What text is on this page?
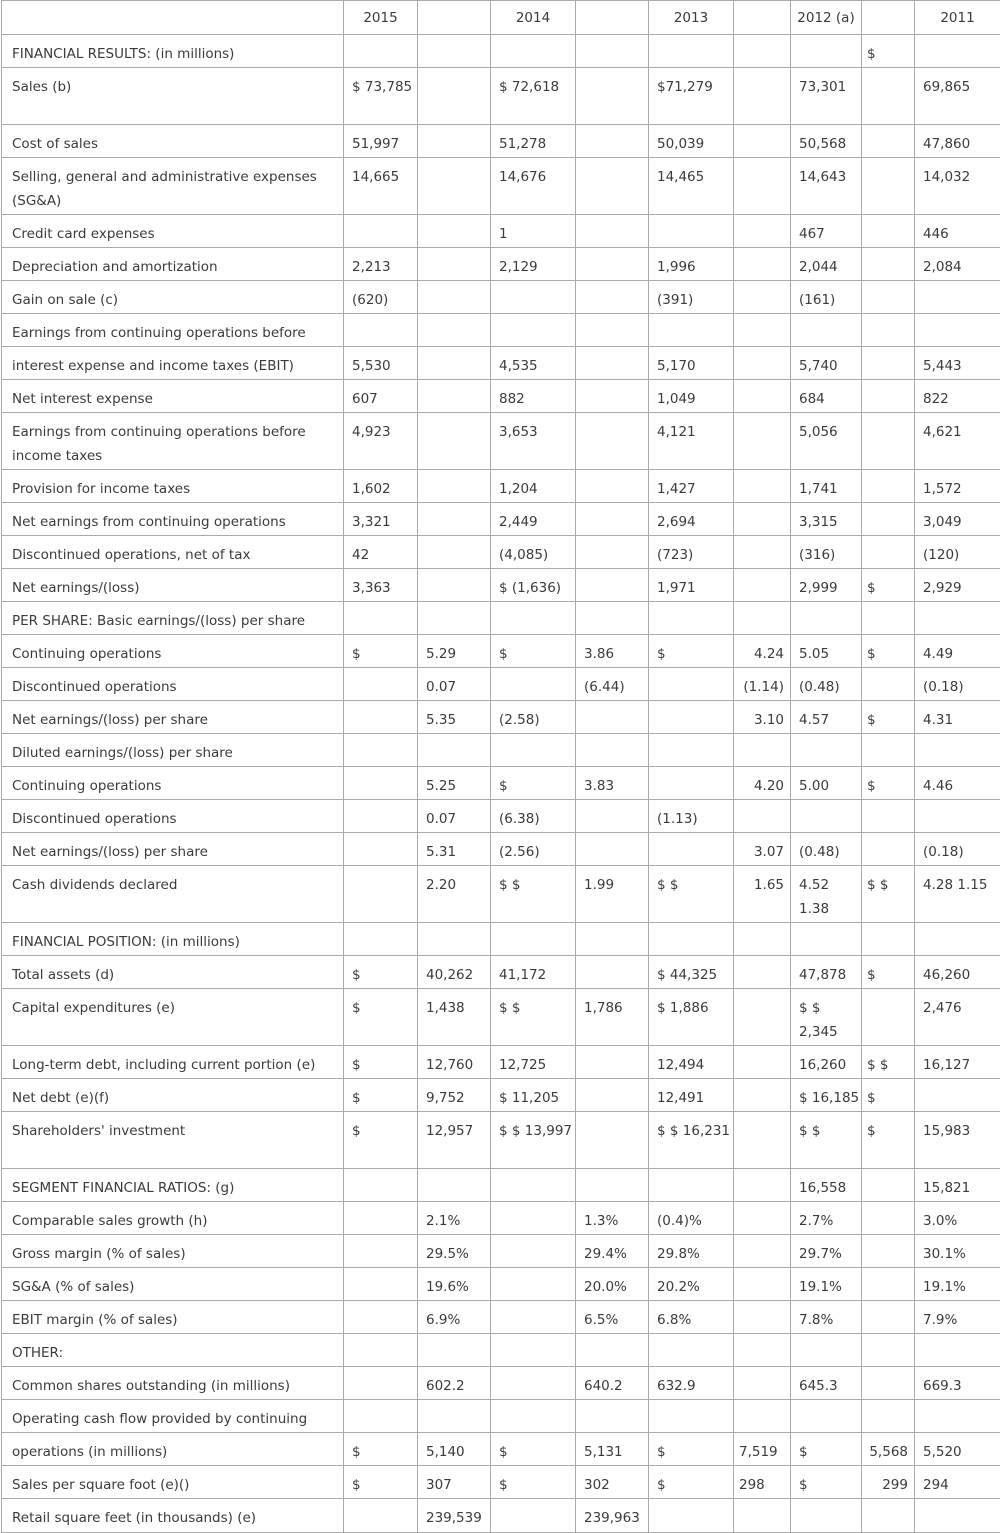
	2015		2014		2013		2012 (a)		2011
FINANCIAL RESULTS: (in millions)								$	
Sales (b)	$ 73,785		$ 72,618		$71,279		73,301		69,865
Cost of sales	51,997		51,278		50,039		50,568		47,860
Selling, general and administrative expenses (SG&A)	14,665		14,676		14,465		14,643		14,032
Credit card expenses			1				467		446
Depreciation and amortization	2,213		2,129		1,996		2,044		2,084
Gain on sale (c)	(620)				(391)		(161)		
Earnings from continuing operations before									
interest expense and income taxes (EBIT)	5,530		4,535		5,170		5,740		5,443
Net interest expense	607		882		1,049		684		822
Earnings from continuing operations before income taxes	4,923		3,653		4,121		5,056		4,621
Provision for income taxes	1,602		1,204		1,427		1,741		1,572
Net earnings from continuing operations	3,321		2,449		2,694		3,315		3,049
Discontinued operations, net of tax	42		(4,085)		(723)		(316)		(120)
Net earnings/(loss)	3,363		$ (1,636)		1,971		2,999	$	2,929
PER SHARE: Basic earnings/(loss) per share									
Continuing operations	$	5.29	$	3.86	$	4.24	5.05	$	4.49
Discontinued operations		0.07		(6.44)		(1.14)	(0.48)		(0.18)
Net earnings/(loss) per share		5.35	(2.58)			3.10	4.57	$	4.31
Diluted earnings/(loss) per share									
Continuing operations		5.25	$	3.83		4.20	5.00	$	4.46
Discontinued operations		0.07	(6.38)		(1.13)				
Net earnings/(loss) per share		5.31	(2.56)			3.07	(0.48)		(0.18)
Cash dividends declared		2.20	$ $	1.99	$ $	1.65	4.52 1.38	$ $	4.28 1.15
FINANCIAL POSITION: (in millions)									
Total assets (d)	$	40,262	41,172		$ 44,325		47,878	$	46,260
Capital expenditures (e)	$	1,438	$ $	1,786	$ 1,886		$ $ 2,345		2,476
Long-term debt, including current portion (e)	$	12,760	12,725		12,494		16,260	$ $	16,127
Net debt (e)(f)	$	9,752	$ 11,205		12,491		$ 16,185	$	
Shareholders' investment	$	12,957	$ $ 13,997		$ $ 16,231		$ $	$	15,983
SEGMENT FINANCIAL RATIOS: (g)							16,558		15,821
Comparable sales growth (h)		2.1%		1.3%	(0.4)%		2.7%		3.0%
Gross margin (% of sales)		29.5%		29.4%	29.8%		29.7%		30.1%
SG&A (% of sales)		19.6%		20.0%	20.2%		19.1%		19.1%
EBIT margin (% of sales)		6.9%		6.5%	6.8%		7.8%		7.9%
OTHER:									
Common shares outstanding (in millions)		602.2		640.2	632.9		645.3		669.3
Operating cash flow provided by continuing									
operations (in millions)	$	5,140	$	5,131	$	7,519	$	5,568	5,520
Sales per square foot (e)()	$	307	$	302	$	298	$	299	294
Retail square feet (in thousands) (e)		239,539		239,963					
